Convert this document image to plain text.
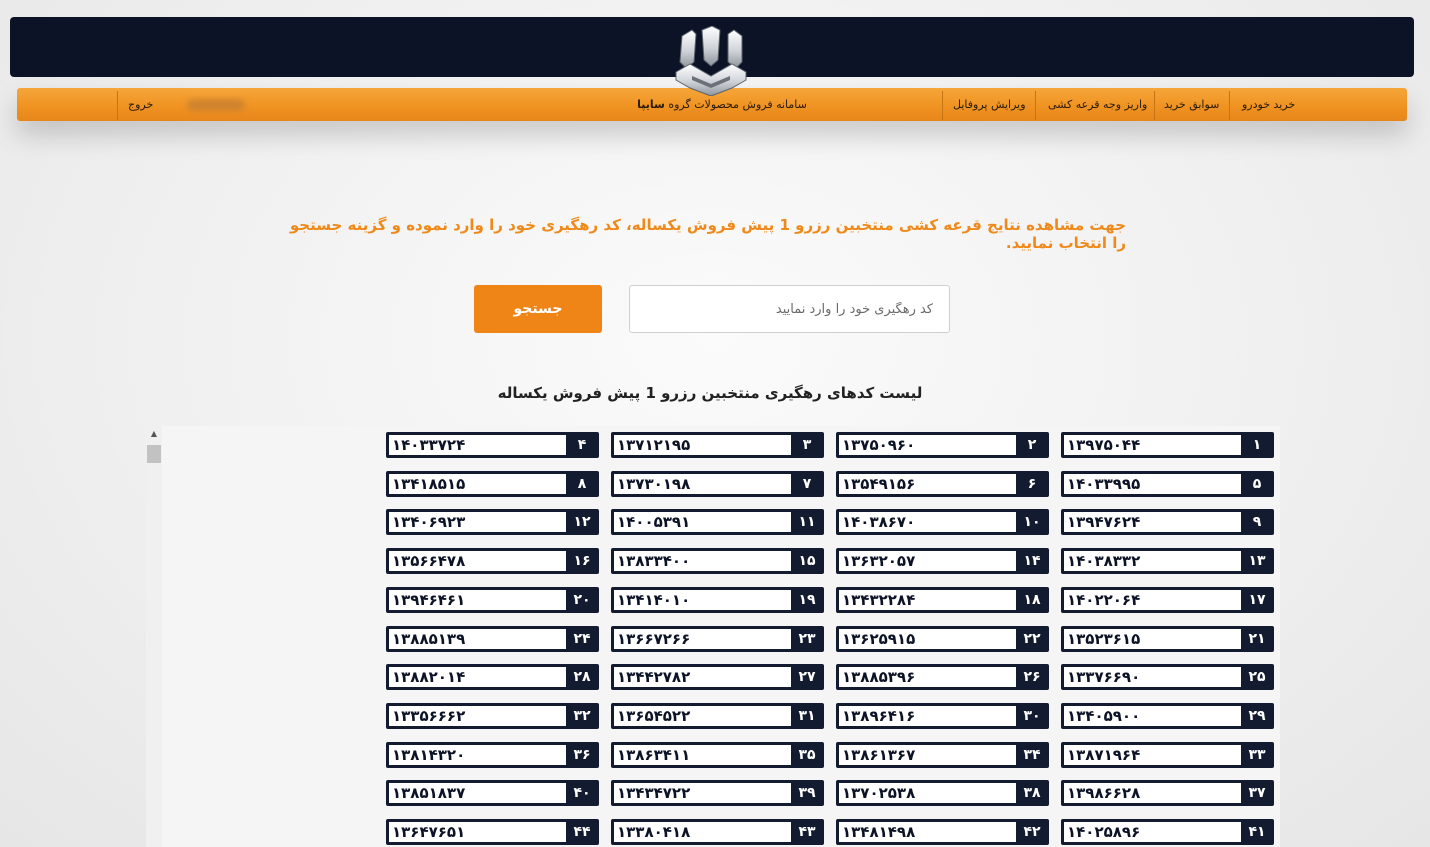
خرید خودرو
سوابق خرید
واریز وجه قرعه کشی
ویرایش پروفایل
سامانه فروش محصولات گروه سایپا
خروج
جهت مشاهده نتایج قرعه کشی منتخبین رزرو 1 پیش فروش یکساله، کد رهگیری خود را وارد نموده و گزینه جستجو را انتخاب نمایید.
جستجو
کد رهگیری خود را وارد نمایید
لیست کدهای رهگیری منتخبین رزرو 1 پیش فروش یکساله
▲
۱۳۹۷۵۰۴۴	۱
۱۳۷۵۰۹۶۰	۲
۱۳۷۱۲۱۹۵	۳
۱۴۰۳۳۷۲۴	۴
۱۴۰۳۳۹۹۵	۵
۱۳۵۴۹۱۵۶	۶
۱۳۷۳۰۱۹۸	۷
۱۳۴۱۸۵۱۵	۸
۱۳۹۴۷۶۲۴	۹
۱۴۰۳۸۶۷۰	۱۰
۱۴۰۰۵۳۹۱	۱۱
۱۳۴۰۶۹۲۳	۱۲
۱۴۰۳۸۳۳۲	۱۳
۱۳۶۳۲۰۵۷	۱۴
۱۳۸۳۳۴۰۰	۱۵
۱۳۵۶۶۴۷۸	۱۶
۱۴۰۲۲۰۶۴	۱۷
۱۳۴۳۲۲۸۴	۱۸
۱۳۴۱۴۰۱۰	۱۹
۱۳۹۴۶۴۶۱	۲۰
۱۳۵۲۳۶۱۵	۲۱
۱۳۶۲۵۹۱۵	۲۲
۱۳۶۶۷۲۶۶	۲۳
۱۳۸۸۵۱۳۹	۲۴
۱۳۳۷۶۶۹۰	۲۵
۱۳۸۸۵۳۹۶	۲۶
۱۳۴۴۲۷۸۲	۲۷
۱۳۸۸۲۰۱۴	۲۸
۱۳۴۰۵۹۰۰	۲۹
۱۳۸۹۶۴۱۶	۳۰
۱۳۶۵۴۵۲۲	۳۱
۱۳۳۵۶۶۶۲	۳۲
۱۳۸۷۱۹۶۴	۳۳
۱۳۸۶۱۳۶۷	۳۴
۱۳۸۶۳۴۱۱	۳۵
۱۳۸۱۴۳۲۰	۳۶
۱۳۹۸۶۶۲۸	۳۷
۱۳۷۰۲۵۳۸	۳۸
۱۳۴۳۴۷۲۲	۳۹
۱۳۸۵۱۸۳۷	۴۰
۱۴۰۲۵۸۹۶	۴۱
۱۳۴۸۱۴۹۸	۴۲
۱۳۳۸۰۴۱۸	۴۳
۱۳۶۴۷۶۵۱	۴۴
